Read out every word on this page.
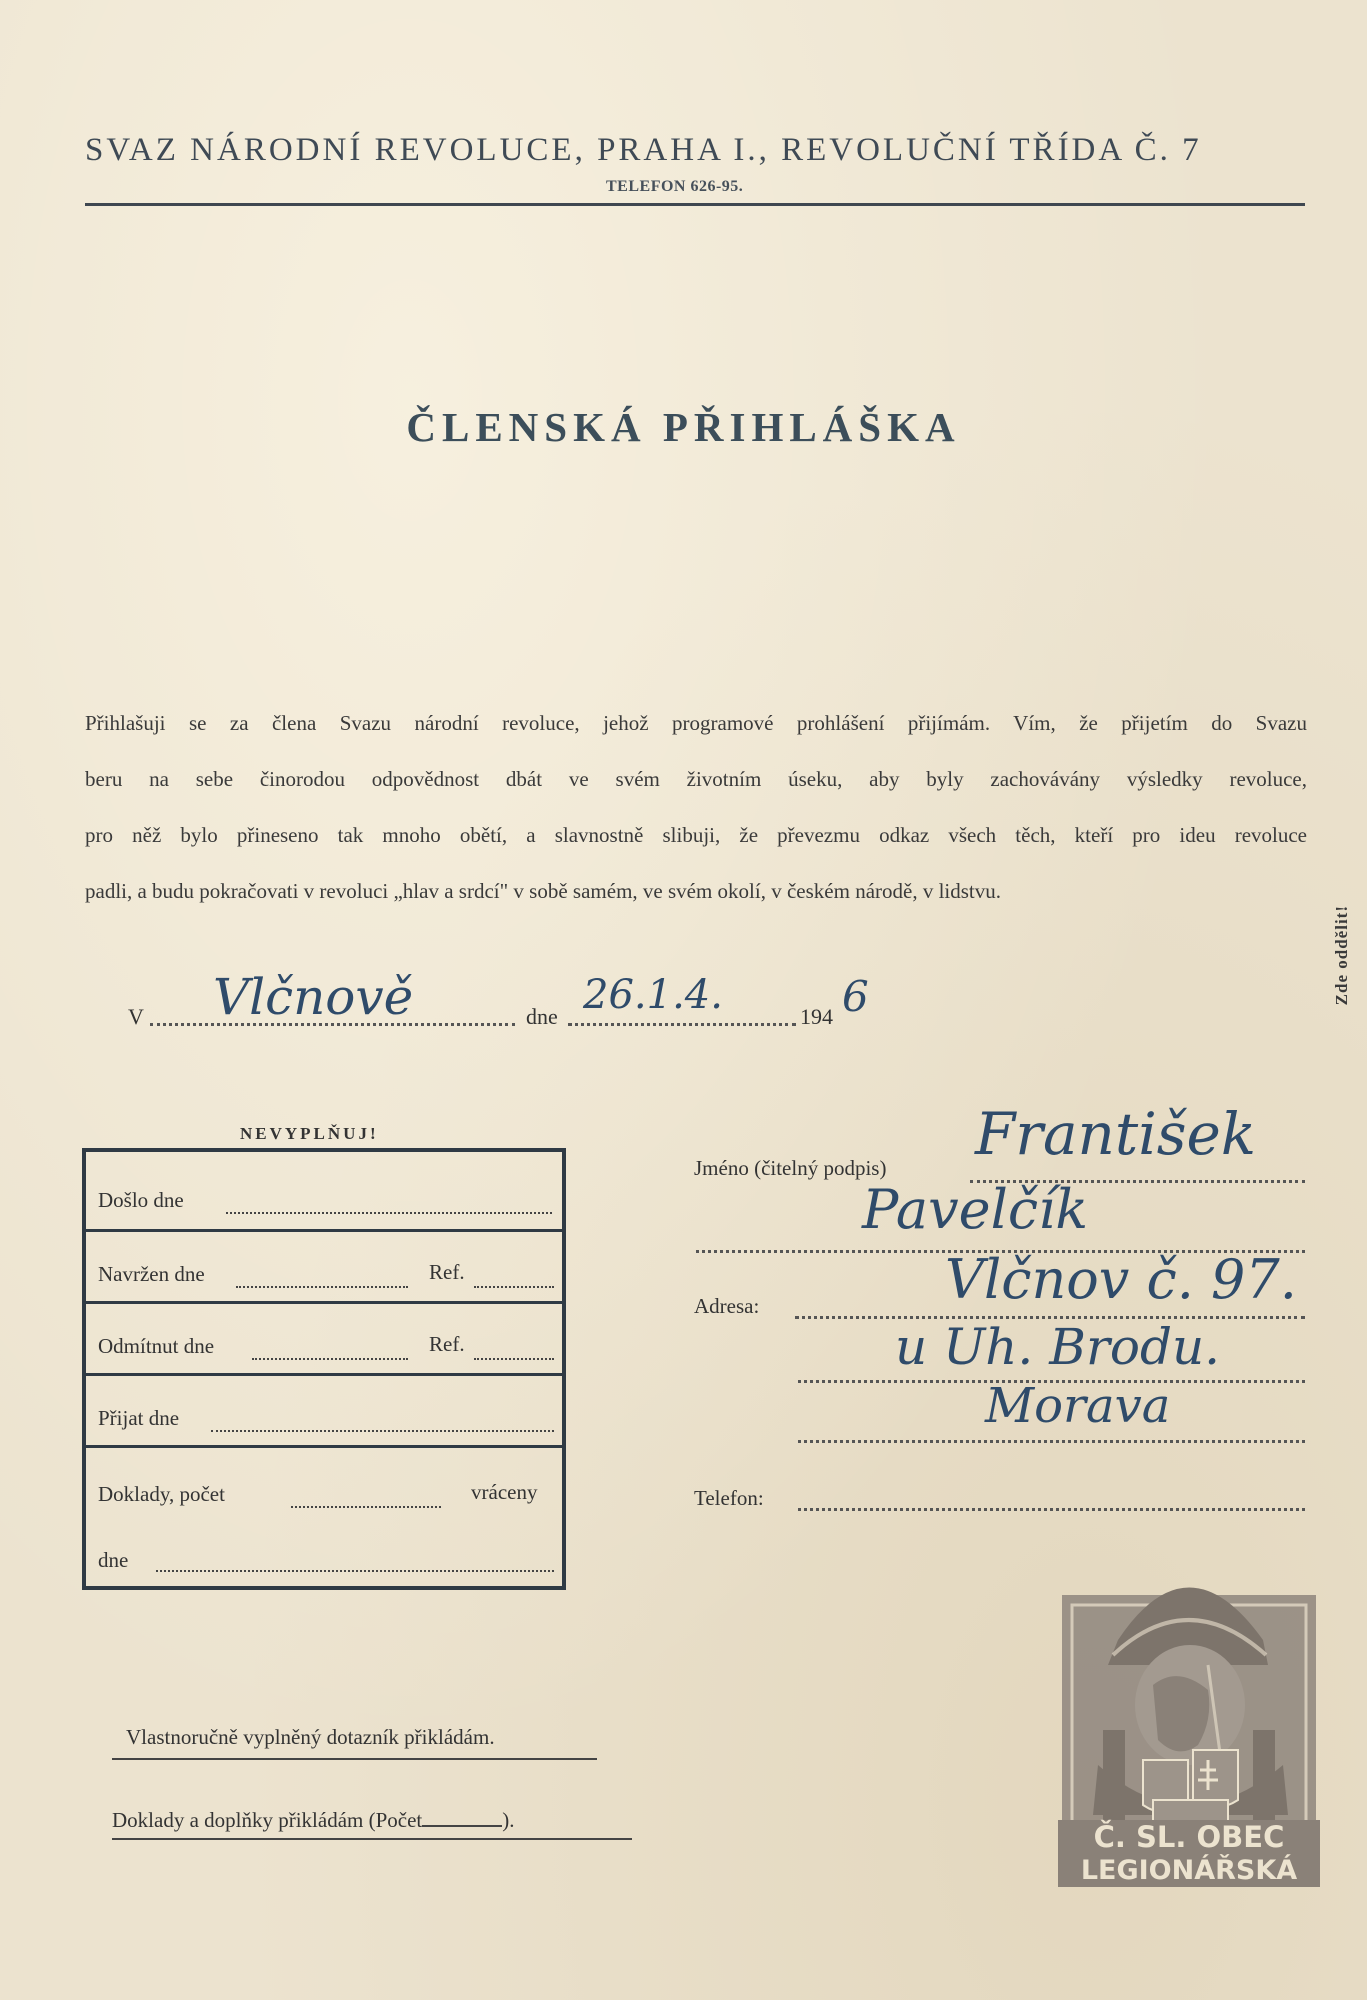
SVAZ NÁRODNÍ REVOLUCE, PRAHA I., REVOLUČNÍ TŘÍDA Č. 7
TELEFON 626-95.
ČLENSKÁ PŘIHLÁŠKA
Přihlašuji se za člena Svazu národní revoluce, jehož programové prohlášení přijímám. Vím, že přijetím do Svazu
beru na sebe činorodou odpovědnost dbát ve svém životním úseku, aby byly zachovávány výsledky revoluce,
pro něž bylo přineseno tak mnoho obětí, a slavnostně slibuji, že převezmu odkaz všech těch, kteří pro ideu revoluce
padli, a budu pokračovati v revoluci „hlav a srdcí" v sobě samém, ve svém okolí, v českém národě, v lidstvu.
Zde oddělit!
V Vlčnově	dne 26.1.4.	194 6
NEVYPLŇUJ!
Došlo dne
Navržen dne	Ref.
Odmítnut dne	Ref.
Přijat dne
Doklady, počet	vráceny
dne
Jméno (čitelný podpis) František
Pavelčík
Adresa:	Vlčnov č. 97.
u Uh. Brodu.
Morava
Telefon:
Č. SL. OBEC
LEGIONÁŘSKÁ
Vlastnoručně vyplněný dotazník přikládám.
Doklady a doplňky přikládám (Počet	).
